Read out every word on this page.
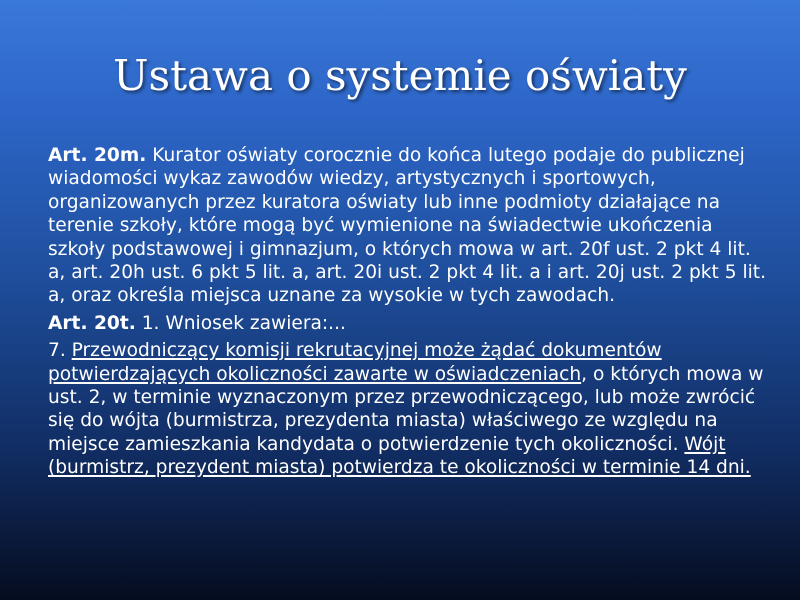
Ustawa o systemie oświaty

Art. 20m. Kurator oświaty corocznie do końca lutego podaje do publicznej wiadomości wykaz zawodów wiedzy, artystycznych i sportowych, organizowanych przez kuratora oświaty lub inne podmioty działające na terenie szkoły, które mogą być wymienione na świadectwie ukończenia szkoły podstawowej i gimnazjum, o których mowa w art. 20f ust. 2 pkt 4 lit. a, art. 20h ust. 6 pkt 5 lit. a, art. 20i ust. 2 pkt 4 lit. a i art. 20j ust. 2 pkt 5 lit. a, oraz określa miejsca uznane za wysokie w tych zawodach.

Art. 20t. 1. Wniosek zawiera:...

7. Przewodniczący komisji rekrutacyjnej może żądać dokumentów potwierdzających okoliczności zawarte w oświadczeniach, o których mowa w ust. 2, w terminie wyznaczonym przez przewodniczącego, lub może zwrócić się do wójta (burmistrza, prezydenta miasta) właściwego ze względu na miejsce zamieszkania kandydata o potwierdzenie tych okoliczności. Wójt (burmistrz, prezydent miasta) potwierdza te okoliczności w terminie 14 dni.
